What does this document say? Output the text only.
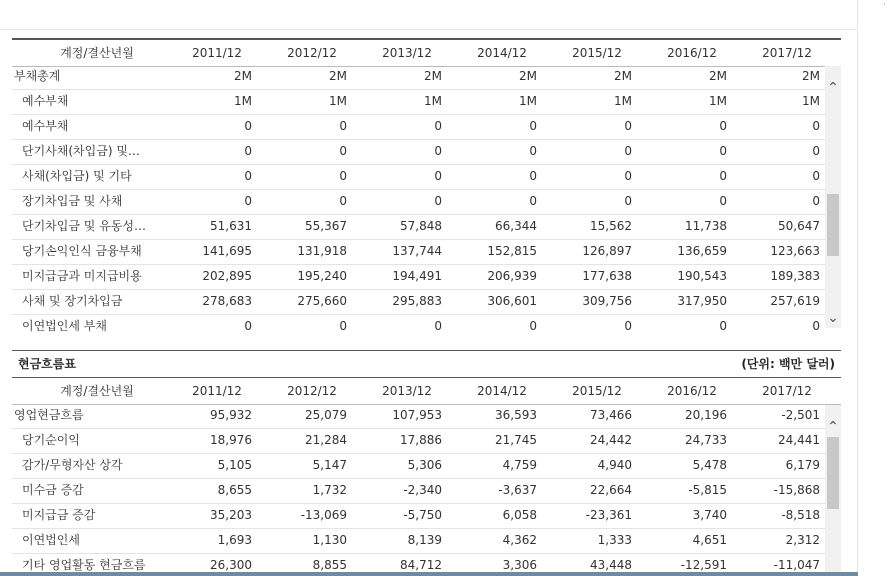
·
계정/결산년월	2011/12	2012/12	2013/12	2014/12	2015/12	2016/12	2017/12
부채총계	2M	2M	2M	2M	2M	2M	2M
예수부채	1M	1M	1M	1M	1M	1M	1M
예수부채	0	0	0	0	0	0	0
단기사채(차입금) 및…	0	0	0	0	0	0	0
사채(차입금) 및 기타	0	0	0	0	0	0	0
장기차입금 및 사채	0	0	0	0	0	0	0
단기차입금 및 유동성…	51,631	55,367	57,848	66,344	15,562	11,738	50,647
당기손익인식 금융부채	141,695	131,918	137,744	152,815	126,897	136,659	123,663
미지급금과 미지급비용	202,895	195,240	194,491	206,939	177,638	190,543	189,383
사채 및 장기차입금	278,683	275,660	295,883	306,601	309,756	317,950	257,619
이연법인세 부채	0	0	0	0	0	0	0
⌃
⌄
현금흐름표	(단위: 백만 달러)
계정/결산년월	2011/12	2012/12	2013/12	2014/12	2015/12	2016/12	2017/12
영업현금흐름	95,932	25,079	107,953	36,593	73,466	20,196	-2,501
당기순이익	18,976	21,284	17,886	21,745	24,442	24,733	24,441
감가/무형자산 상각	5,105	5,147	5,306	4,759	4,940	5,478	6,179
미수금 증감	8,655	1,732	-2,340	-3,637	22,664	-5,815	-15,868
미지급금 증감	35,203	-13,069	-5,750	6,058	-23,361	3,740	-8,518
이연법인세	1,693	1,130	8,139	4,362	1,333	4,651	2,312
기타 영업활동 현금흐름	26,300	8,855	84,712	3,306	43,448	-12,591	-11,047
⌃
